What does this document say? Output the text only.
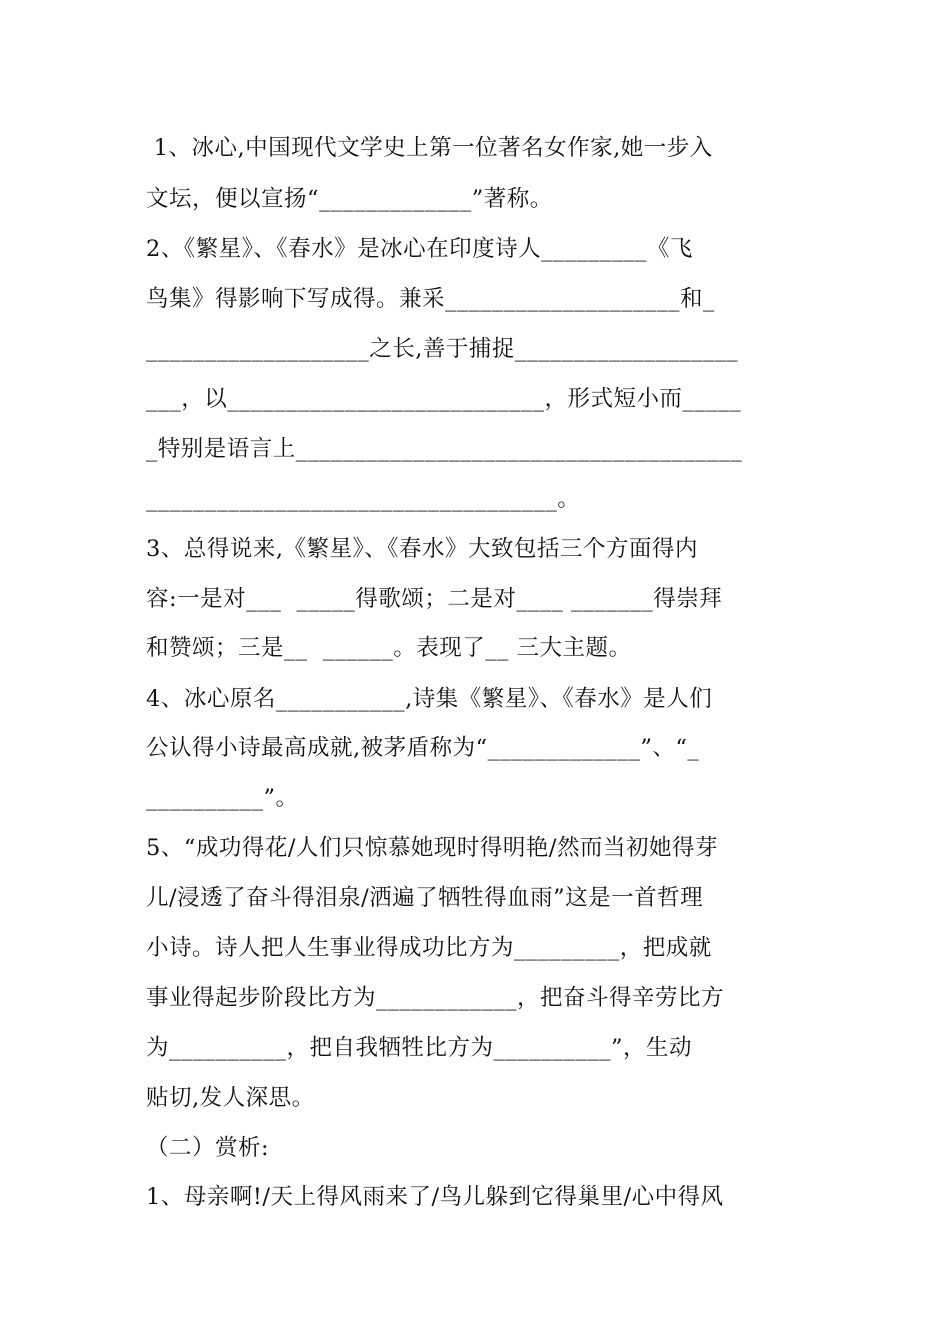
1、冰心,中国现代文学史上第一位著名女作家,她一步入
文坛，便以宣扬“_____________”著称。
2、《繁星》、《春水》是冰心在印度诗人_________《飞
鸟集》得影响下写成得。兼采____________________和_
___________________之长,善于捕捉___________________
___，以___________________________，形式短小而_____
_特别是语言上______________________________________
___________________________________。
3、总得说来,《繁星》、《春水》大致包括三个方面得内
容:一是对___  _____得歌颂；二是对____ _______得崇拜
和赞颂；三是__  ______。表现了__ 三大主题。
4、冰心原名___________,诗集《繁星》、《春水》是人们
公认得小诗最高成就,被茅盾称为“_____________”、“_
__________”。
5、“成功得花/人们只惊慕她现时得明艳/然而当初她得芽
儿/浸透了奋斗得泪泉/洒遍了牺牲得血雨”这是一首哲理
小诗。诗人把人生事业得成功比方为_________，把成就
事业得起步阶段比方为____________，把奋斗得辛劳比方
为__________，把自我牺牲比方为__________”，生动
贴切,发人深思。
（二）赏析:
1、母亲啊!/天上得风雨来了/鸟儿躲到它得巢里/心中得风
